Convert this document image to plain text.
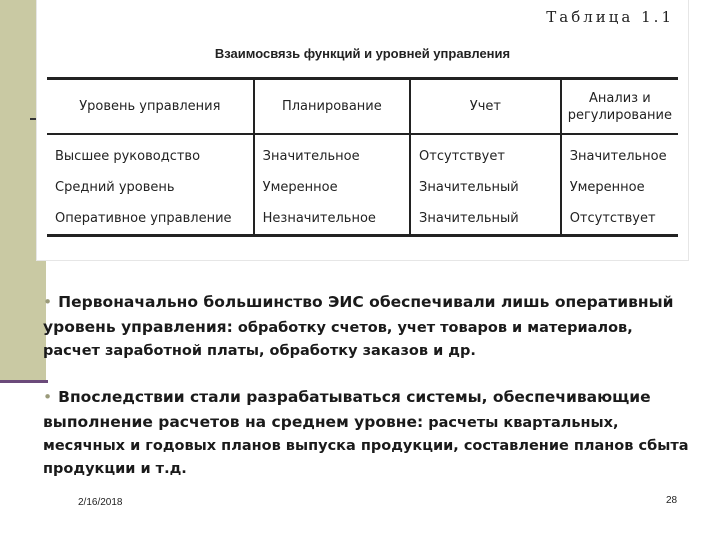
Таблица 1.1
Взаимосвязь функций и уровней управления
Уровень управления	Планирование	Учет	Анализ и регулирование
Высшее руководство	Значительное	Отсутствует	Значительное
Средний уровень	Умеренное	Значительный	Умеренное
Оперативное управление	Незначительное	Значительный	Отсутствует
• Первоначально большинство ЭИС обеспечивали лишь оперативный уровень управления: обработку счетов, учет товаров и материалов, расчет заработной платы, обработку заказов и др.
• Впоследствии стали разрабатываться системы, обеспечивающие выполнение расчетов на среднем уровне: расчеты квартальных, месячных и годовых планов выпуска продукции, составление планов сбыта продукции и т.д.
2/16/2018	28
